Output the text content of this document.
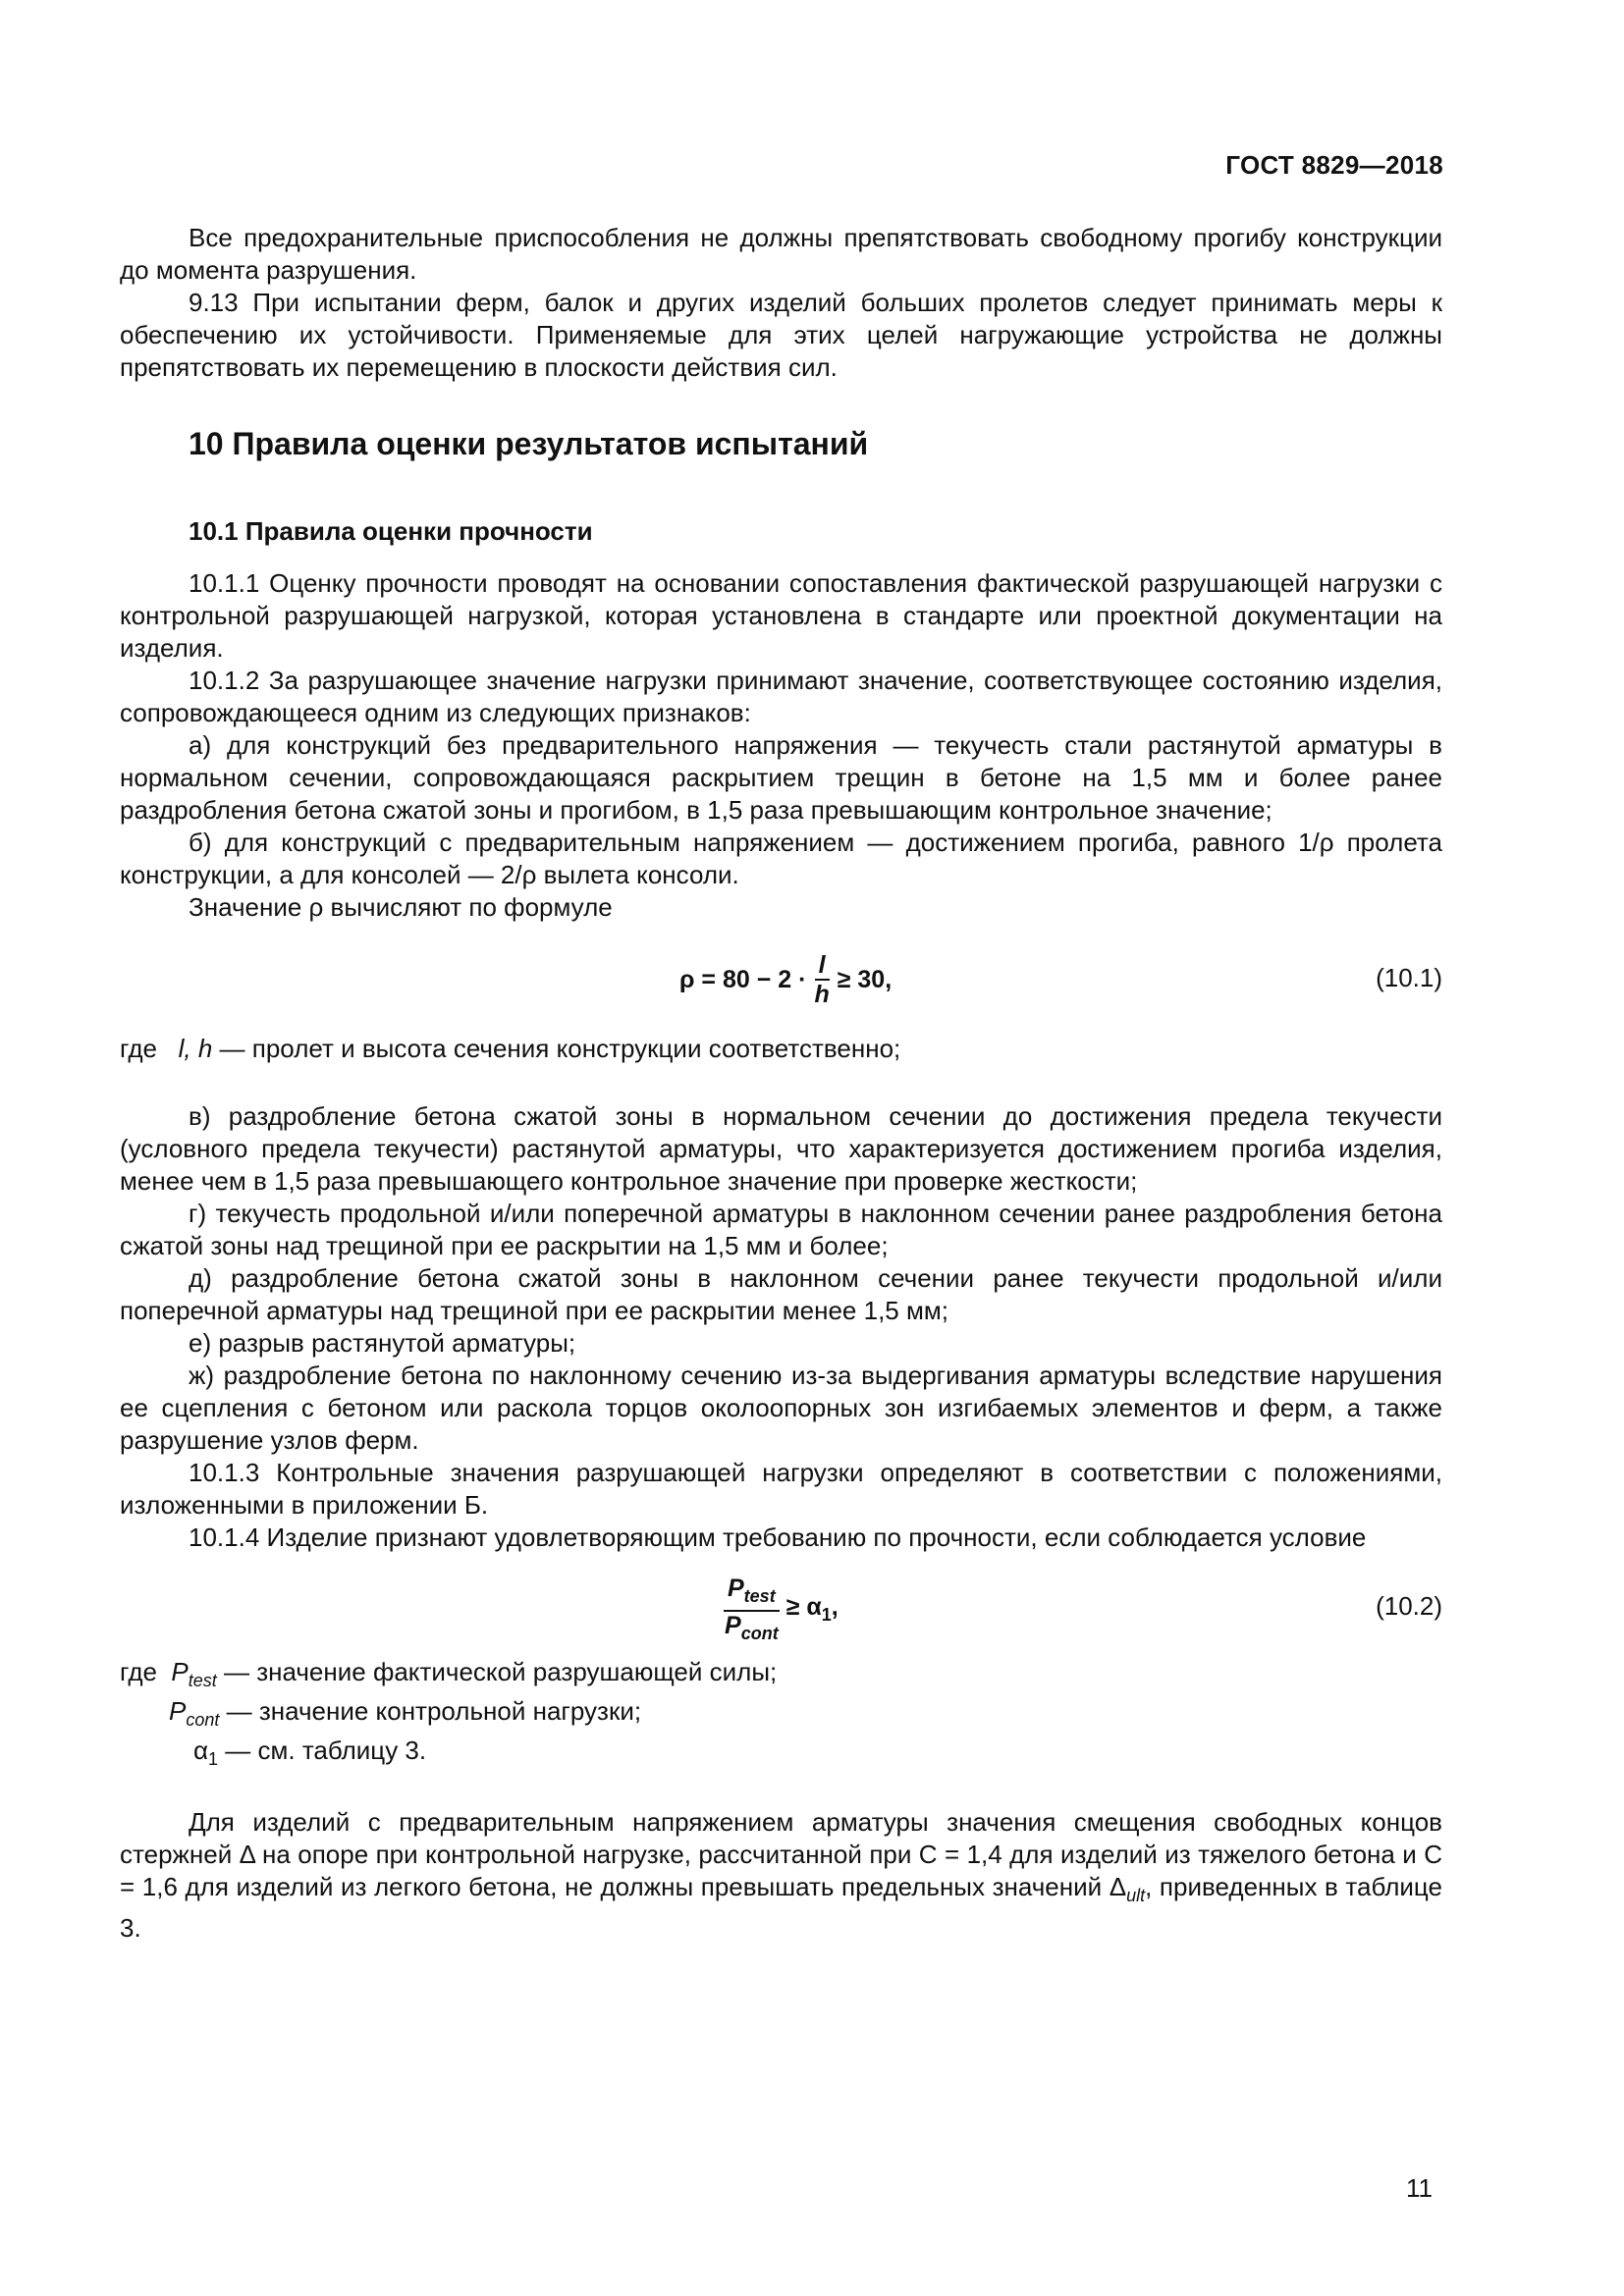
ГОСТ 8829—2018

Все предохранительные приспособления не должны препятствовать свободному прогибу конструкции до момента разрушения.

9.13 При испытании ферм, балок и других изделий больших пролетов следует принимать меры к обеспечению их устойчивости. Применяемые для этих целей нагружающие устройства не должны препятствовать их перемещению в плоскости действия сил.

10 Правила оценки результатов испытаний
10.1 Правила оценки прочности

10.1.1 Оценку прочности проводят на основании сопоставления фактической разрушающей нагрузки с контрольной разрушающей нагрузкой, которая установлена в стандарте или проектной документации на изделия.

10.1.2 За разрушающее значение нагрузки принимают значение, соответствующее состоянию изделия, сопровождающееся одним из следующих признаков:

а) для конструкций без предварительного напряжения — текучесть стали растянутой арматуры в нормальном сечении, сопровождающаяся раскрытием трещин в бетоне на 1,5 мм и более ранее раздробления бетона сжатой зоны и прогибом, в 1,5 раза превышающим контрольное значение;

б) для конструкций с предварительным напряжением — достижением прогиба, равного 1/ρ пролета конструкции, а для консолей — 2/ρ вылета консоли.

Значение ρ вычисляют по формуле

$\rho = 80 - 2 \cdot \frac{l}{h} \ge 30$,	(10.1)
где l, h — пролет и высота сечения конструкции соответственно;

в) раздробление бетона сжатой зоны в нормальном сечении до достижения предела текучести (условного предела текучести) растянутой арматуры, что характеризуется достижением прогиба изделия, менее чем в 1,5 раза превышающего контрольное значение при проверке жесткости;

г) текучесть продольной и/или поперечной арматуры в наклонном сечении ранее раздробления бетона сжатой зоны над трещиной при ее раскрытии на 1,5 мм и более;

д) раздробление бетона сжатой зоны в наклонном сечении ранее текучести продольной и/или поперечной арматуры над трещиной при ее раскрытии менее 1,5 мм;

е) разрыв растянутой арматуры;

ж) раздробление бетона по наклонному сечению из-за выдергивания арматуры вследствие нарушения ее сцепления с бетоном или раскола торцов околоопорных зон изгибаемых элементов и ферм, а также разрушение узлов ферм.

10.1.3 Контрольные значения разрушающей нагрузки определяют в соответствии с положениями, изложенными в приложении Б.

10.1.4 Изделие признают удовлетворяющим требованию по прочности, если соблюдается условие

$\frac{P_{test}}{P_{cont}} \ge \alpha_1$,	(10.2)
где $P_{test}$ — значение фактической разрушающей силы;
$P_{cont}$ — значение контрольной нагрузки;
$\alpha_1$ — см. таблицу 3.

Для изделий с предварительным напряжением арматуры значения смещения свободных концов стержней Δ на опоре при контрольной нагрузке, рассчитанной при C = 1,4 для изделий из тяжелого бетона и C = 1,6 для изделий из легкого бетона, не должны превышать предельных значений $\Delta_{ult}$, приведенных в таблице 3.

11
